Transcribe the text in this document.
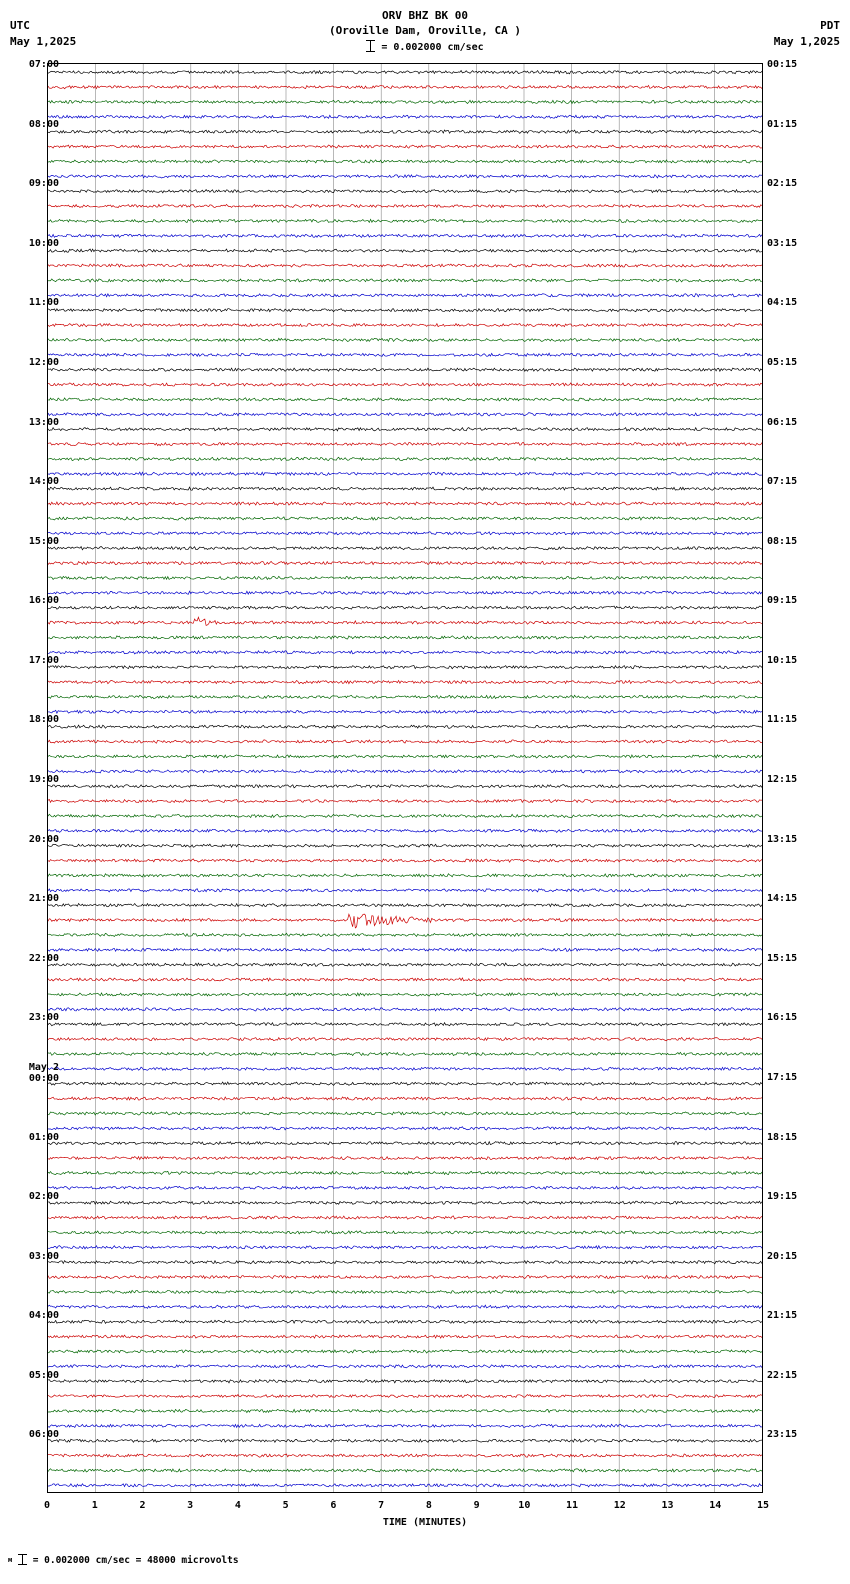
UTC
May 1,2025
PDT
May 1,2025
ORV BHZ BK 00
(Oroville Dam, Oroville, CA )
= 0.002000 cm/sec
TIME (MINUTES)
м = 0.002000 cm/sec = 48000 microvolts
07:00
08:00
09:00
10:00
11:00
12:00
13:00
14:00
15:00
16:00
17:00
18:00
19:00
20:00
21:00
22:00
23:00
May 2
00:00
01:00
02:00
03:00
04:00
05:00
06:00
00:15
01:15
02:15
03:15
04:15
05:15
06:15
07:15
08:15
09:15
10:15
11:15
12:15
13:15
14:15
15:15
16:15
17:15
18:15
19:15
20:15
21:15
22:15
23:15
0	1	2	3	4	5	6	7	8	9	10	11	12	13	14	15
